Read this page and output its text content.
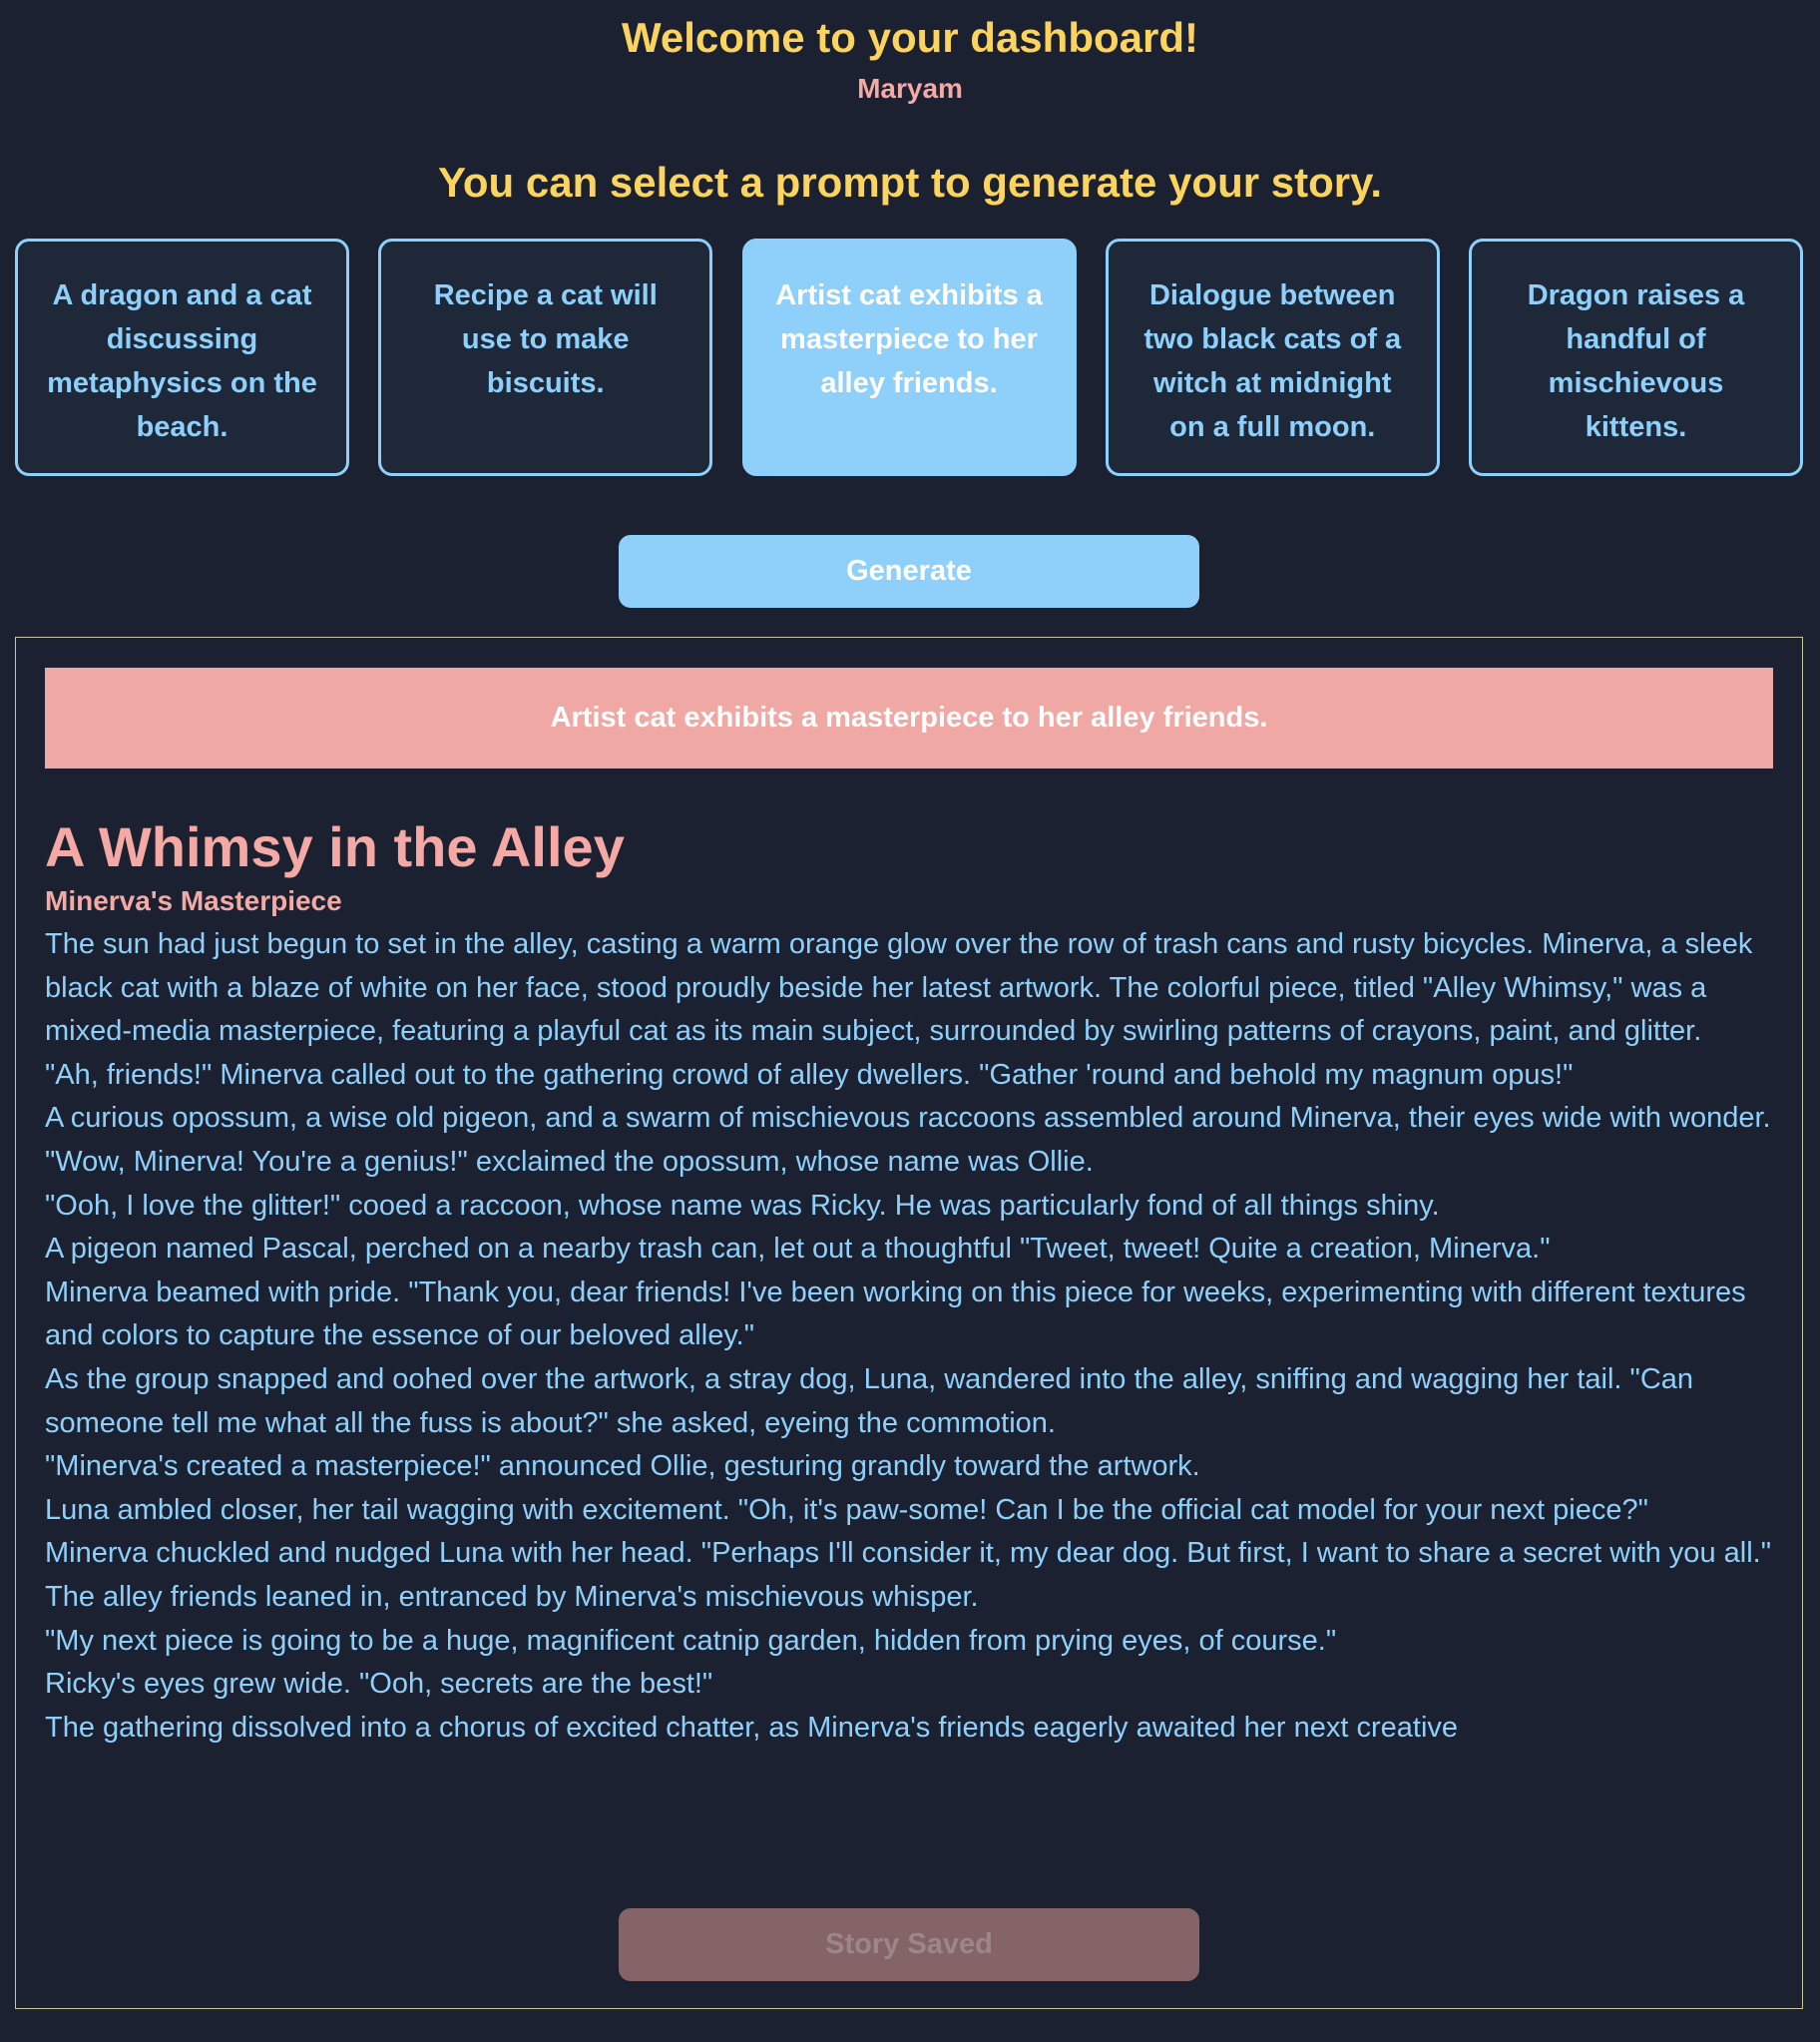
Welcome to your dashboard!
Maryam
You can select a prompt to generate your story.
A dragon and a cat discussing metaphysics on the beach.
Recipe a cat will use to make biscuits.
Artist cat exhibits a masterpiece to her alley friends.
Dialogue between two black cats of a witch at midnight on a full moon.
Dragon raises a handful of mischievous kittens.
Generate
Artist cat exhibits a masterpiece to her alley friends.
A Whimsy in the Alley
Minerva's Masterpiece

The sun had just begun to set in the alley, casting a warm orange glow over the row of trash cans and rusty bicycles. Minerva, a sleek black cat with a blaze of white on her face, stood proudly beside her latest artwork. The colorful piece, titled "Alley Whimsy," was a mixed-media masterpiece, featuring a playful cat as its main subject, surrounded by swirling patterns of crayons, paint, and glitter.

"Ah, friends!" Minerva called out to the gathering crowd of alley dwellers. "Gather 'round and behold my magnum opus!"

A curious opossum, a wise old pigeon, and a swarm of mischievous raccoons assembled around Minerva, their eyes wide with wonder.

"Wow, Minerva! You're a genius!" exclaimed the opossum, whose name was Ollie.

"Ooh, I love the glitter!" cooed a raccoon, whose name was Ricky. He was particularly fond of all things shiny.

A pigeon named Pascal, perched on a nearby trash can, let out a thoughtful "Tweet, tweet! Quite a creation, Minerva."

Minerva beamed with pride. "Thank you, dear friends! I've been working on this piece for weeks, experimenting with different textures and colors to capture the essence of our beloved alley."

As the group snapped and oohed over the artwork, a stray dog, Luna, wandered into the alley, sniffing and wagging her tail. "Can someone tell me what all the fuss is about?" she asked, eyeing the commotion.

"Minerva's created a masterpiece!" announced Ollie, gesturing grandly toward the artwork.

Luna ambled closer, her tail wagging with excitement. "Oh, it's paw-some! Can I be the official cat model for your next piece?"

Minerva chuckled and nudged Luna with her head. "Perhaps I'll consider it, my dear dog. But first, I want to share a secret with you all."

The alley friends leaned in, entranced by Minerva's mischievous whisper.

"My next piece is going to be a huge, magnificent catnip garden, hidden from prying eyes, of course."

Ricky's eyes grew wide. "Ooh, secrets are the best!"

The gathering dissolved into a chorus of excited chatter, as Minerva's friends eagerly awaited her next creative

Story Saved
